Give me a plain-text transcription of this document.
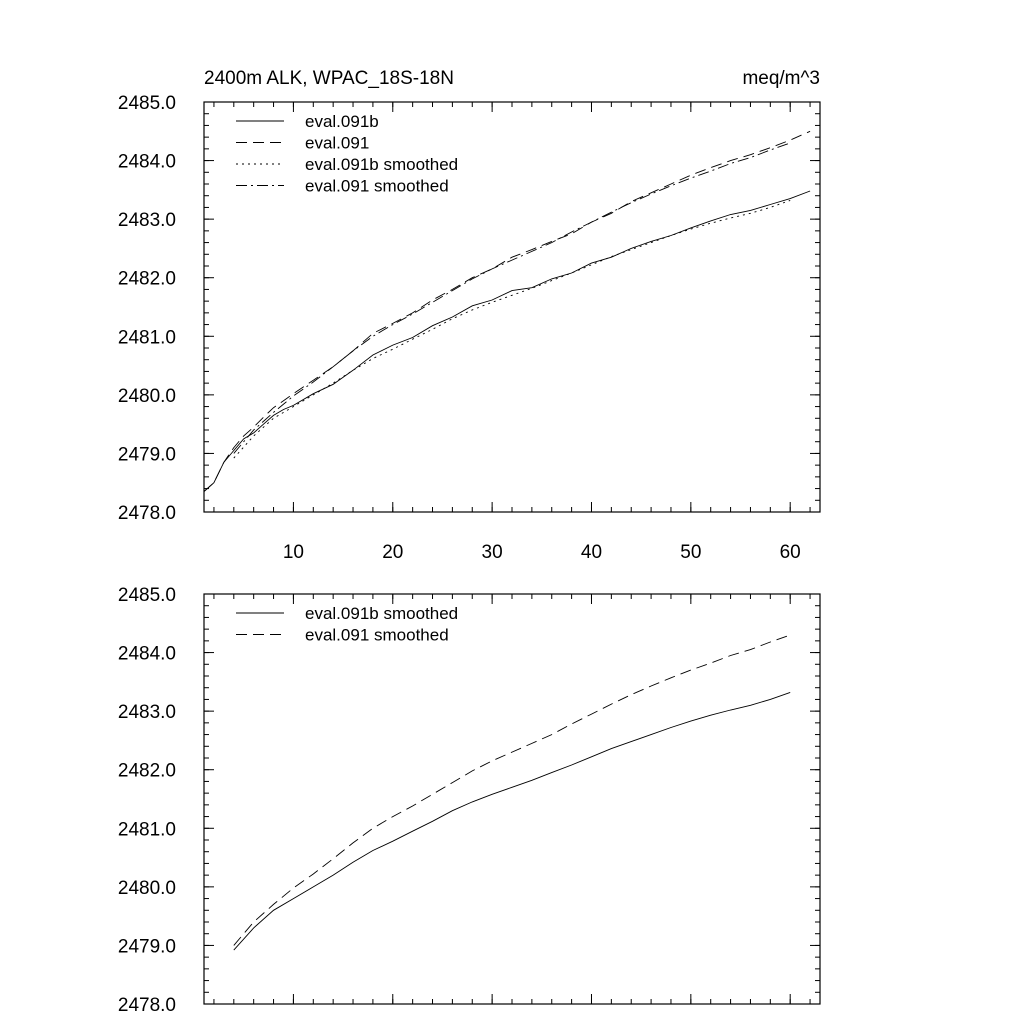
2400m ALK, WPAC_18S-18N	meq/m^3
2478.0
2479.0
2480.0
2481.0
2482.0
2483.0
2484.0
2485.0
10	20	30	40	50	60
eval.091b
eval.091
eval.091b smoothed
eval.091 smoothed
2478.0
2479.0
2480.0
2481.0
2482.0
2483.0
2484.0
2485.0
eval.091b smoothed
eval.091 smoothed
